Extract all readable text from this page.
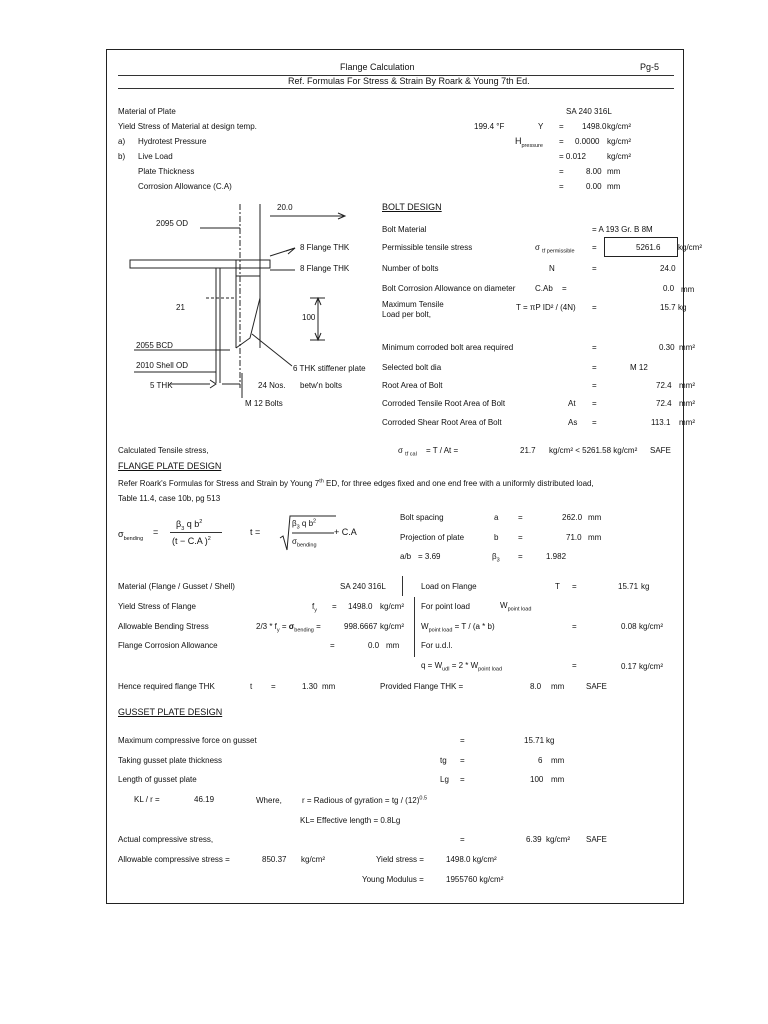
Flange Calculation	Pg-5
Ref. Formulas For Stress & Strain By Roark & Young 7th Ed.
Material of Plate	SA 240 316L
Yield Stress of Material at design temp.	199.4 °F	Y = 1498.0 kg/cm²
a) Hydrotest Pressure	$H_{pressure} = 0.0000$ kg/cm²
b) Live Load	= 0.012	kg/cm²
Plate Thickness	=	8.00 mm
Corrosion Allowance (C.A)	=	0.00 mm
20.0
2095 OD
8 Flange THK
8 Flange THK
21
100
2055 BCD
2010 Shell OD	6 THK stiffener plate
5 THK	24 Nos. betw'n bolts
M 12 Bolts
BOLT DESIGN
Bolt Material	= A 193 Gr. B 8M
Permissible tensile stress	σ $_{tf permissible}$ =	5261.6 kg/cm²
Number of bolts	N	=	24.0
Bolt Corrosion Allowance on diameter C.Ab =	0.0 mm
Maximum Tensile
Load per bolt,
T = πP ID² / (4N) =	15.7 kg
Minimum corroded bolt area required	=	0.30 mm²
Selected bolt dia	=	M 12
Root Area of Bolt	=	72.4 mm²
Corroded Tensile Root Area of Bolt	At =	72.4 mm²
Corroded Shear Root Area of Bolt	As =	113.1 mm²
Calculated Tensile stress,	σ $_{tf cal}$ = T / At =	21.7 kg/cm² < 5261.58 kg/cm² SAFE
FLANGE PLATE DESIGN
Refer Roark's Formulas for Stress and Strain by Young 7th ED, for three edges fixed and one end free with a uniformly distributed load,
Table 11.4, case 10b, pg 513
$\sigma_{bending}$
=
$\beta_3$ q $b^2$
(t − C.A )$^2$
t =
$\beta_3$ q $b^2$
$\sigma_{bending}$
+ C.A
Bolt spacing	a =	262.0 mm
Projection of plate	b =	71.0 mm
a/b = 3.69	$\beta_3$ =	1.982
Material (Flange / Gusset / Shell)	SA 240 316L	Load on Flange	T =	15.71 kg
Yield Stress of Flange	$f_y = 1498.0$ kg/cm² For point load	$W_{point load}$
Allowable Bending Stress	$2/3 * f_y = \sigma_{bending}$ =	998.6667 kg/cm² $W_{point load} = T / (a * b)$	=	0.08 kg/cm²
Flange Corrosion Allowance	=	0.0 mm	For u.d.l.
$q = W_{udl} = 2 * W_{point load}$	=	0.17 kg/cm²
Hence required flange THK	t =	1.30 mm	Provided Flange THK =	8.0 mm	SAFE
GUSSET PLATE DESIGN
Maximum compressive force on gusset	=	15.71 kg
Taking gusset plate thickness	tg =	6 mm
Length of gusset plate	Lg =	100 mm
KL / r =	46.19	Where,	r = Radious of gyration = tg / $(12)^{0.5}$
KL= Effective length = 0.8Lg
Actual compressive stress,	=	6.39 kg/cm² SAFE
Allowable compressive stress =	850.37 kg/cm²	Yield stress =	1498.0 kg/cm²
Young Modulus =	1955760 kg/cm²
